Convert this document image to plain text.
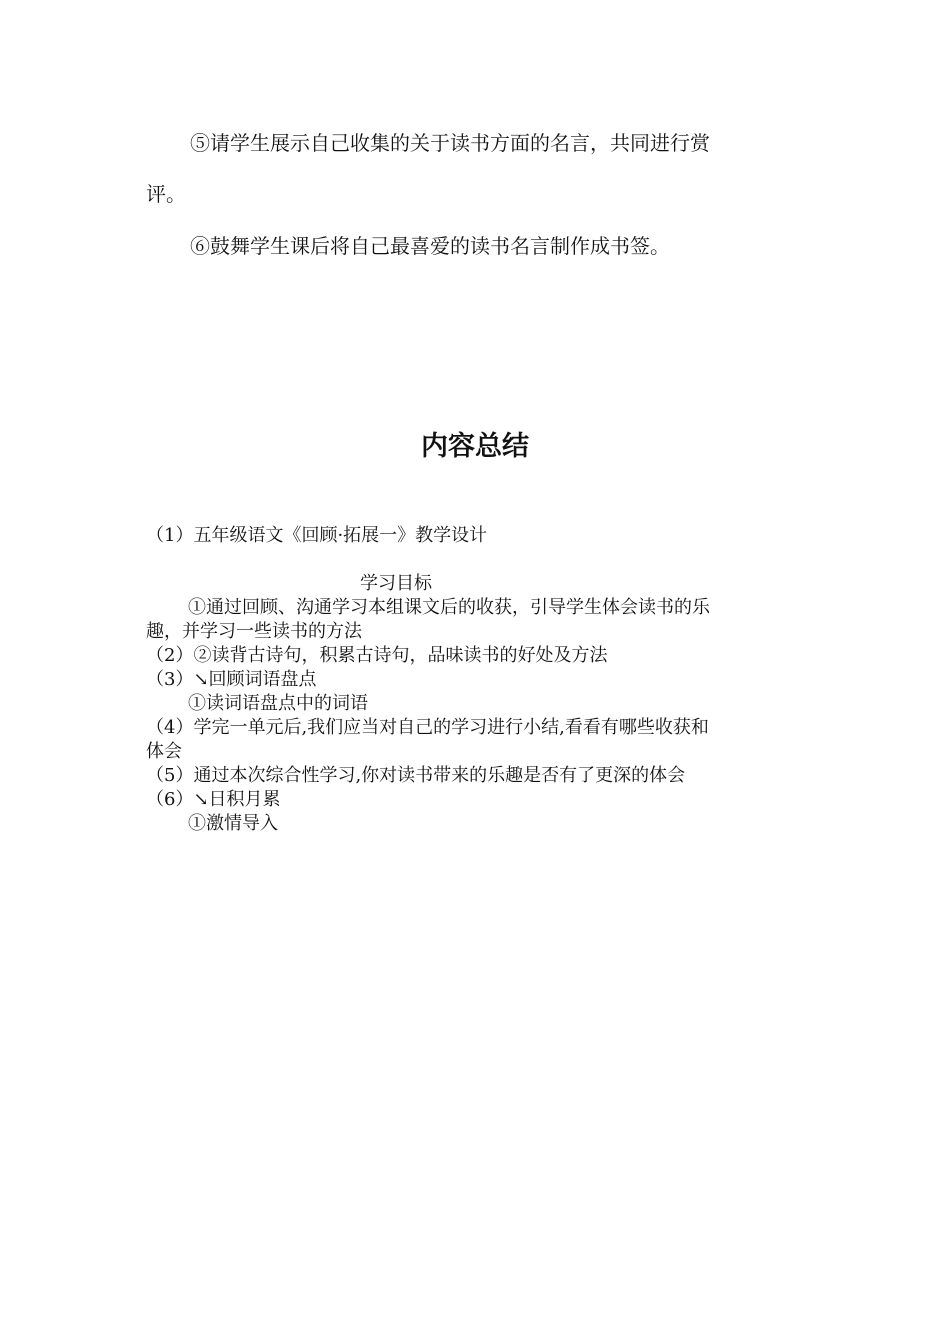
⑤请学生展示自己收集的关于读书方面的名言，共同进行赏

评。

⑥鼓舞学生课后将自己最喜爱的读书名言制作成书签。

内容总结
（1）五年级语文《回顾·拓展一》教学设计
学习目标
①通过回顾、沟通学习本组课文后的收获，引导学生体会读书的乐
趣，并学习一些读书的方法
（2）②读背古诗句，积累古诗句，品味读书的好处及方法
（3）↘回顾词语盘点
①读词语盘点中的词语
（4）学完一单元后,我们应当对自己的学习进行小结,看看有哪些收获和
体会
（5）通过本次综合性学习,你对读书带来的乐趣是否有了更深的体会
（6）↘日积月累
①激情导入
